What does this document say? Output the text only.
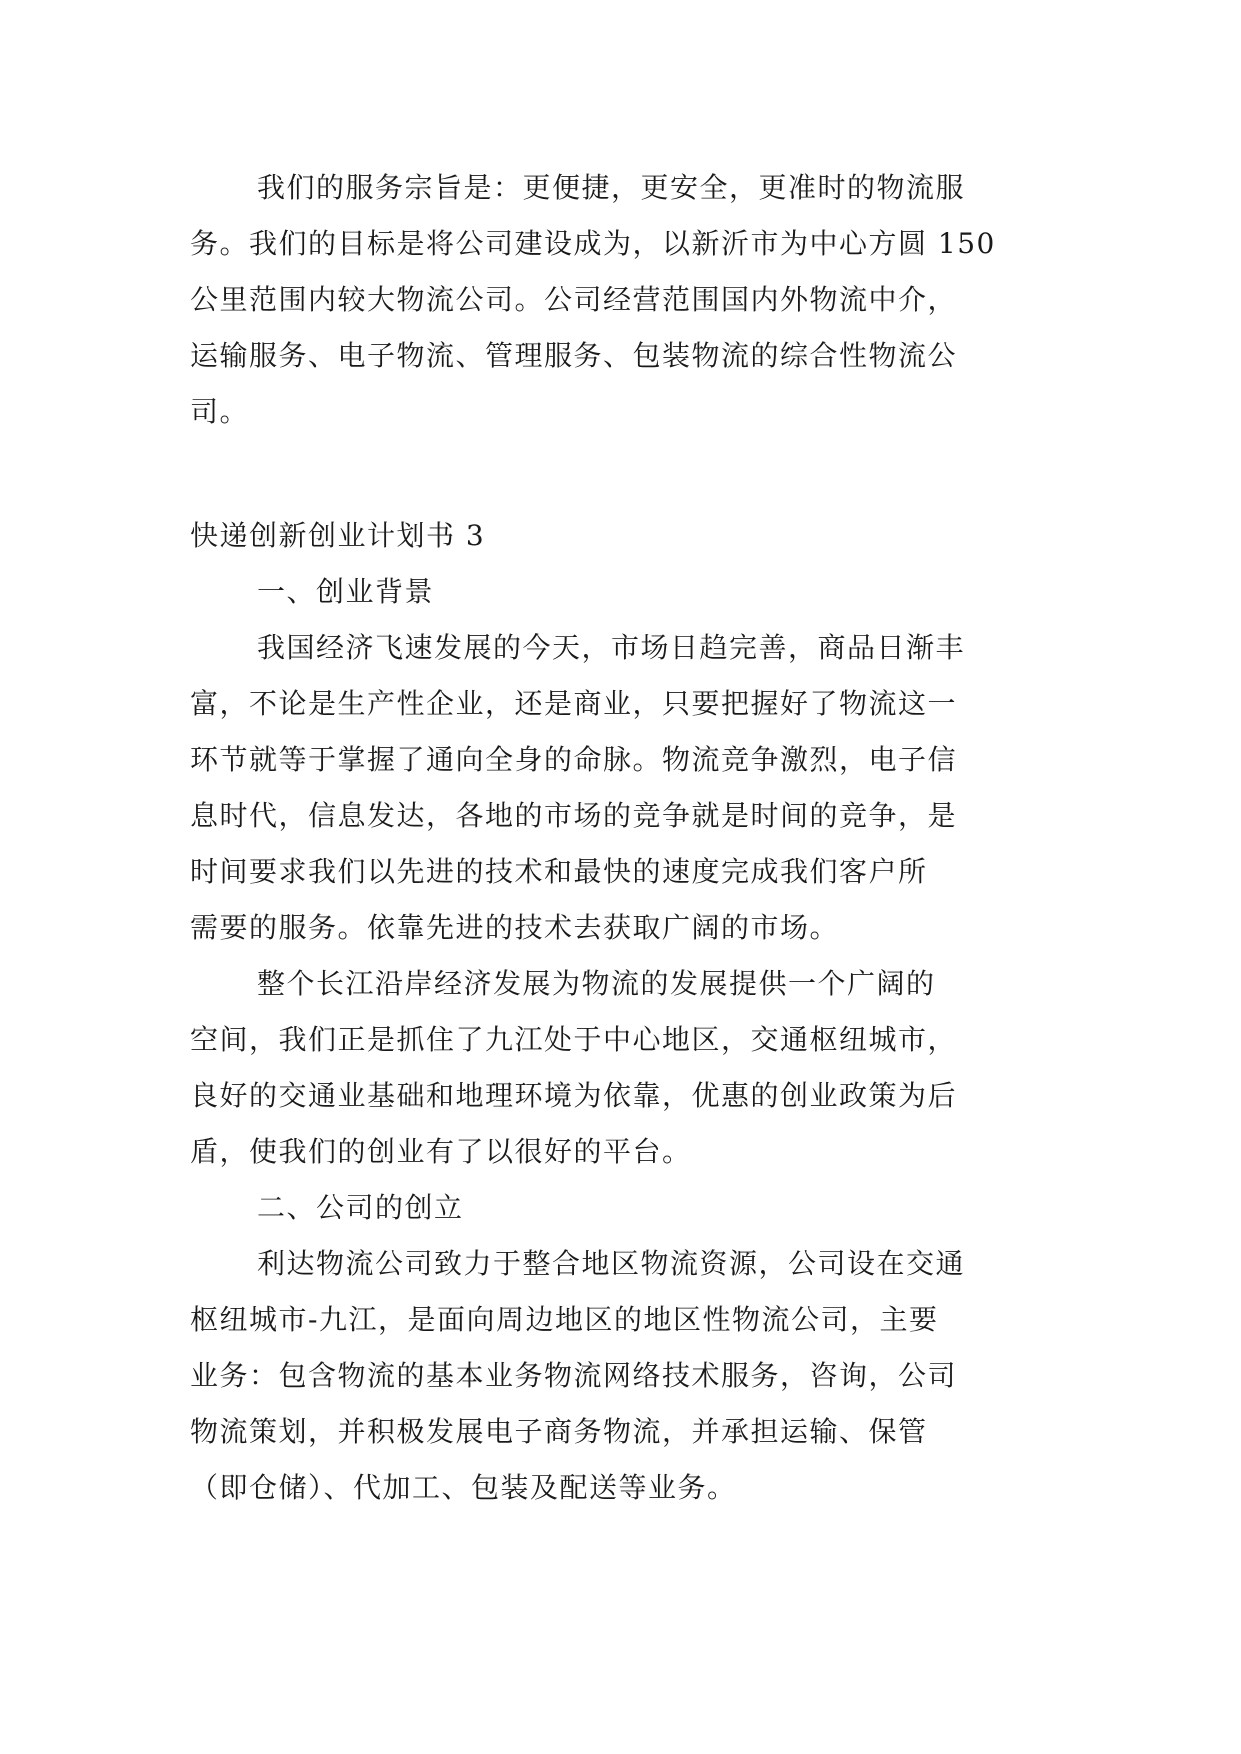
我们的服务宗旨是：更便捷，更安全，更准时的物流服
务。我们的目标是将公司建设成为，以新沂市为中心方圆 150
公里范围内较大物流公司。公司经营范围国内外物流中介，
运输服务、电子物流、管理服务、包装物流的综合性物流公
司。
快递创新创业计划书 3
一、创业背景
我国经济飞速发展的今天，市场日趋完善，商品日渐丰
富，不论是生产性企业，还是商业，只要把握好了物流这一
环节就等于掌握了通向全身的命脉。物流竞争激烈，电子信
息时代，信息发达，各地的市场的竞争就是时间的竞争，是
时间要求我们以先进的技术和最快的速度完成我们客户所
需要的服务。依靠先进的技术去获取广阔的市场。
整个长江沿岸经济发展为物流的发展提供一个广阔的
空间，我们正是抓住了九江处于中心地区，交通枢纽城市，
良好的交通业基础和地理环境为依靠，优惠的创业政策为后
盾，使我们的创业有了以很好的平台。
二、公司的创立
利达物流公司致力于整合地区物流资源，公司设在交通
枢纽城市-九江，是面向周边地区的地区性物流公司，主要
业务：包含物流的基本业务物流网络技术服务，咨询，公司
物流策划，并积极发展电子商务物流，并承担运输、保管
（即仓储）、代加工、包装及配送等业务。
